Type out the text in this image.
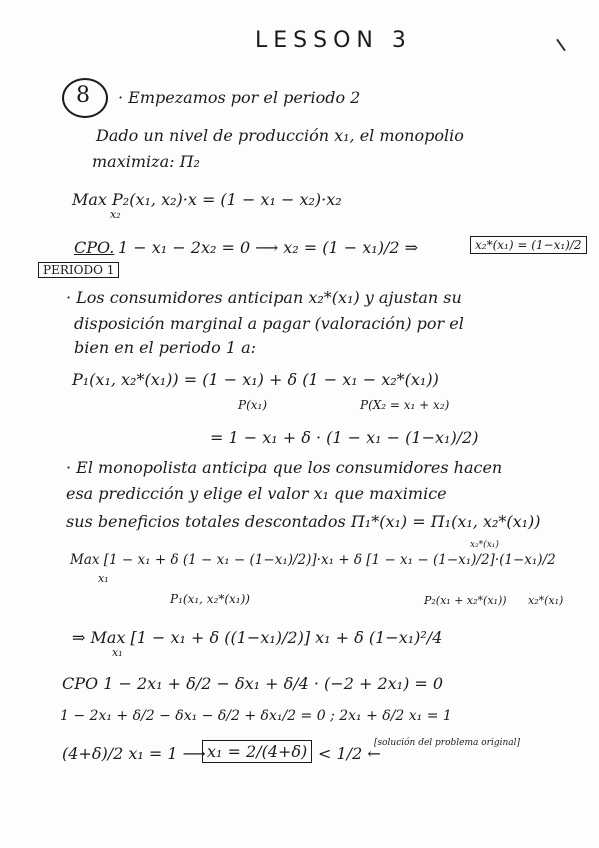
LESSON 3
8 · Empezamos por el periodo 2
Dado un nivel de producción x₁, el monopolio
maximiza: Π₂
Max P₂(x₁, x₂)·x = (1 − x₁ − x₂)·x₂
x₂
CPO. 1 − x₁ − 2x₂ = 0 ⟶ x₂ = (1 − x₁)/2 ⇒	x₂*(x₁) = (1−x₁)/2
PERIODO 1
· Los consumidores anticipan x₂*(x₁) y ajustan su
disposición marginal a pagar (valoración) por el
bien en el periodo 1 a:
P₁(x₁, x₂*(x₁)) = (1 − x₁) + δ (1 − x₁ − x₂*(x₁))
P(x₁)	P(X₂ = x₁ + x₂)
= 1 − x₁ + δ · (1 − x₁ − (1−x₁)/2)
· El monopolista anticipa que los consumidores hacen
esa predicción y elige el valor x₁ que maximice
sus beneficios totales descontados Π₁*(x₁) = Π₁(x₁, x₂*(x₁))
x₂*(x₁)
Max [1 − x₁ + δ (1 − x₁ − (1−x₁)/2)]·x₁ + δ [1 − x₁ − (1−x₁)/2]·(1−x₁)/2
x₁
P₁(x₁, x₂*(x₁))	P₂(x₁ + x₂*(x₁)) x₂*(x₁)
⇒ Max [1 − x₁ + δ ((1−x₁)/2)] x₁ + δ (1−x₁)²/4
x₁
CPO 1 − 2x₁ + δ/2 − δx₁ + δ/4 · (−2 + 2x₁) = 0
1 − 2x₁ + δ/2 − δx₁ − δ/2 + δx₁/2 = 0 ; 2x₁ + δ/2 x₁ = 1
(4+δ)/2 x₁ = 1 ⟶ x₁ = 2/(4+δ) < 1/2 ←
[solución del problema original]
